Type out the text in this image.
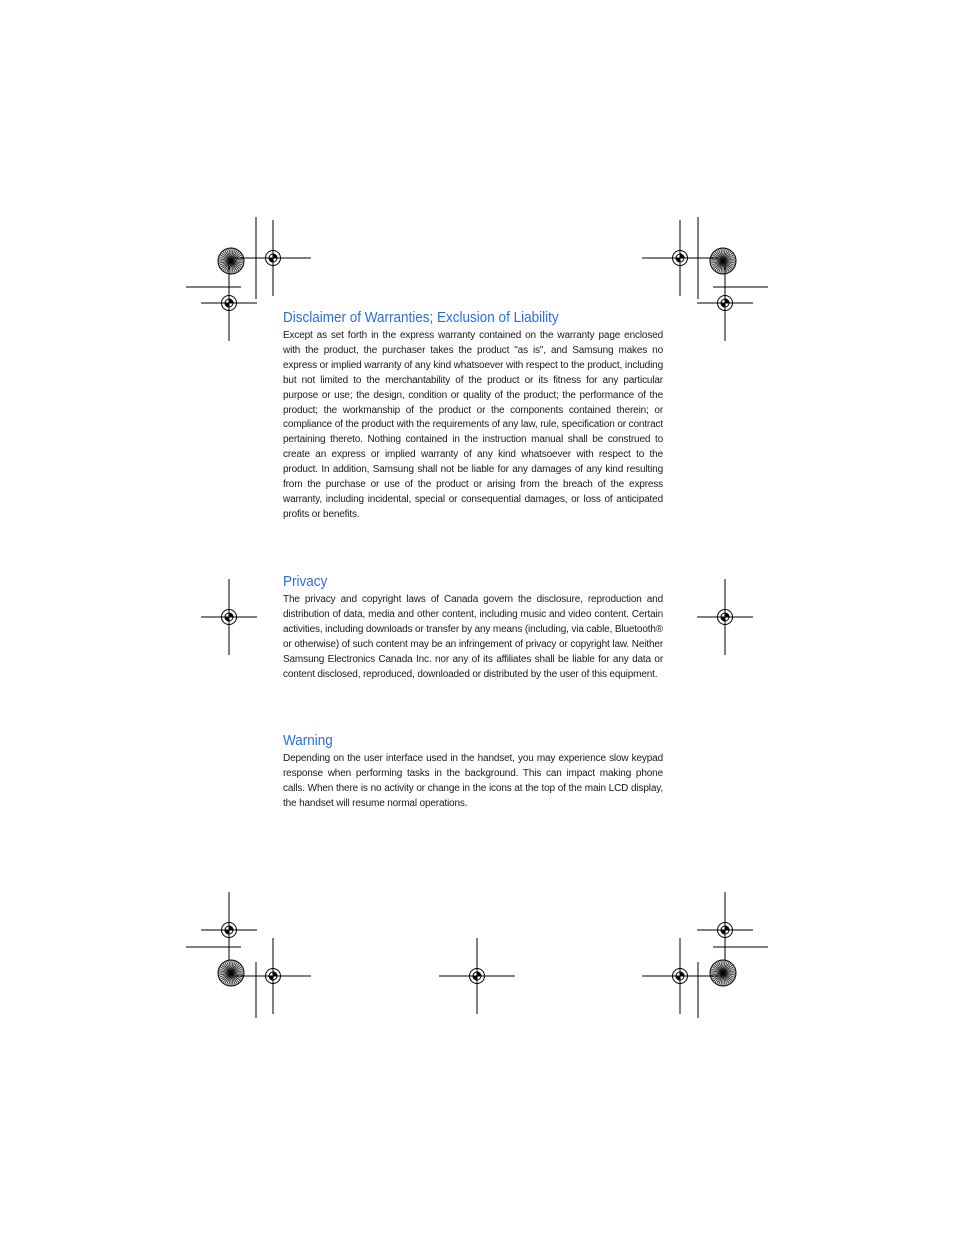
Disclaimer of Warranties; Exclusion of Liability

Except as set forth in the express warranty contained on the warranty page enclosed with the product, the purchaser takes the product "as is", and Samsung makes no express or implied warranty of any kind whatsoever with respect to the product, including but not limited to the merchantability of the product or its fitness for any particular purpose or use; the design, condition or quality of the product; the performance of the product; the workmanship of the product or the components contained therein; or compliance of the product with the requirements of any law, rule, specification or contract pertaining thereto. Nothing contained in the instruction manual shall be construed to create an express or implied warranty of any kind whatsoever with respect to the product. In addition, Samsung shall not be liable for any damages of any kind resulting from the purchase or use of the product or arising from the breach of the express warranty, including incidental, special or consequential damages, or loss of anticipated profits or benefits.

Privacy

The privacy and copyright laws of Canada govern the disclosure, reproduction and distribution of data, media and other content, including music and video content. Certain activities, including downloads or transfer by any means (including, via cable, Bluetooth® or otherwise) of such content may be an infringement of privacy or copyright law. Neither Samsung Electronics Canada Inc. nor any of its affiliates shall be liable for any data or content disclosed, reproduced, downloaded or distributed by the user of this equipment.

Warning

Depending on the user interface used in the handset, you may experience slow keypad response when performing tasks in the background. This can impact making phone calls. When there is no activity or change in the icons at the top of the main LCD display, the handset will resume normal operations.
